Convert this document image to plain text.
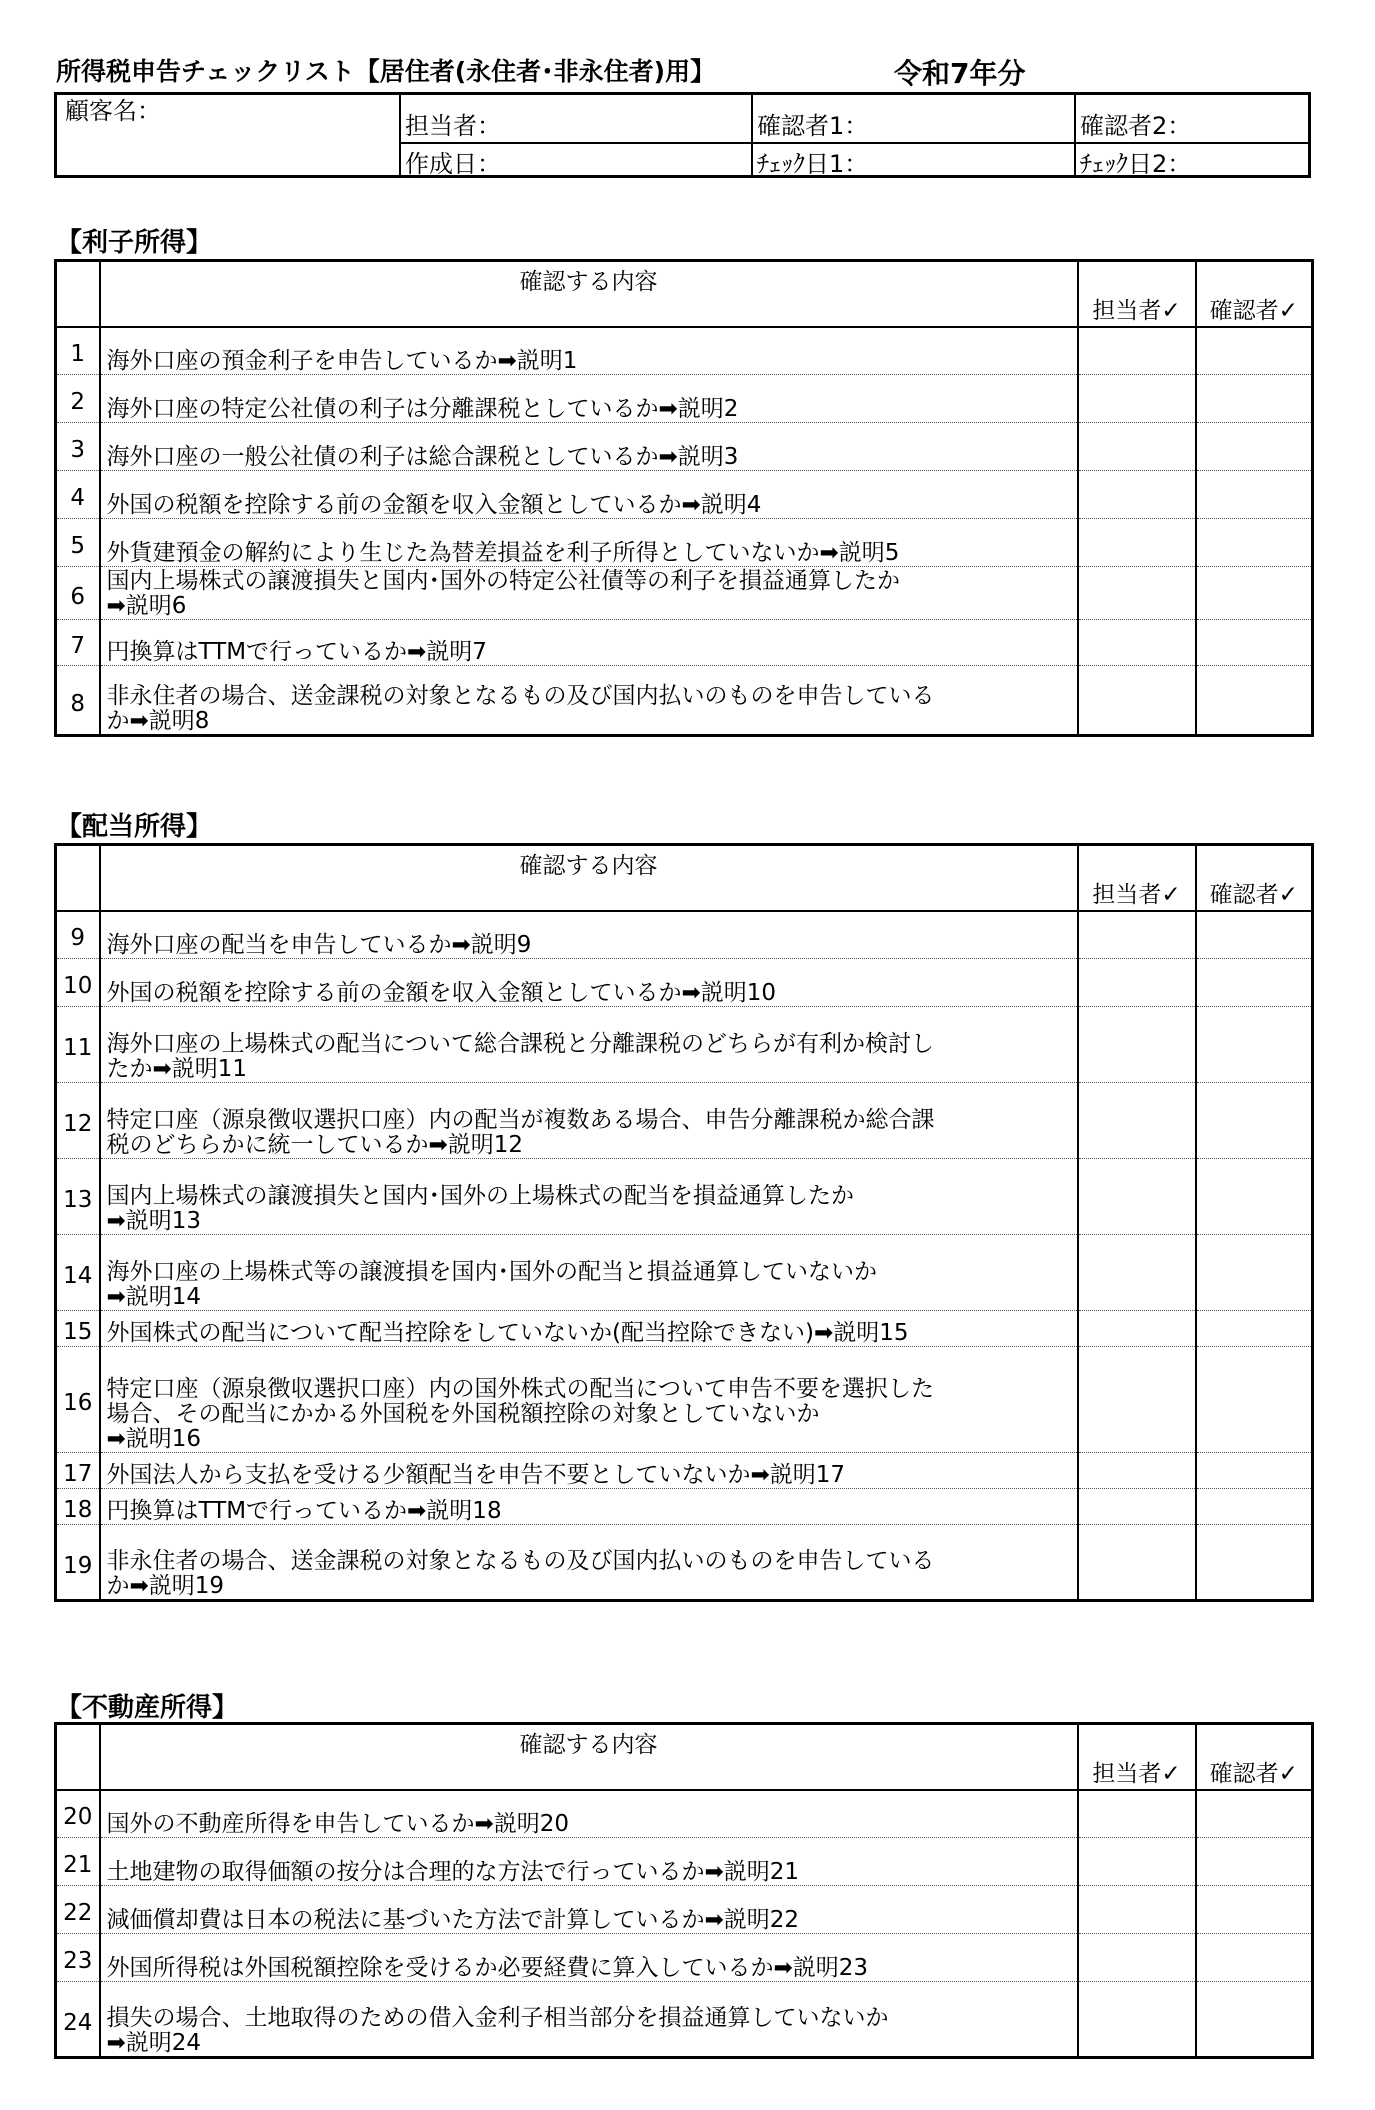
所得税申告チェックリスト【居住者(永住者･非永住者)用】	令和7年分
顧客名：
担当者：
作成日：
確認者1：
ﾁｪｯｸ日1：
確認者2：
ﾁｪｯｸ日2：
【利子所得】
	確認する内容	担当者✓	確認者✓
1	海外口座の預金利子を申告しているか➡説明1		

2	海外口座の特定公社債の利子は分離課税としているか➡説明2		

3	海外口座の一般公社債の利子は総合課税としているか➡説明3		

4	外国の税額を控除する前の金額を収入金額としているか➡説明4		

5	外貨建預金の解約により生じた為替差損益を利子所得としていないか➡説明5		

6	国内上場株式の譲渡損失と国内･国外の特定公社債等の利子を損益通算したか
➡説明6		

7	円換算はTTMで行っているか➡説明7		

8	非永住者の場合、送金課税の対象となるもの及び国内払いのものを申告している
か➡説明8		

【配当所得】
	確認する内容	担当者✓	確認者✓
9	海外口座の配当を申告しているか➡説明9		

10	外国の税額を控除する前の金額を収入金額としているか➡説明10		

11	海外口座の上場株式の配当について総合課税と分離課税のどちらが有利か検討し
たか➡説明11		

12	特定口座（源泉徴収選択口座）内の配当が複数ある場合、申告分離課税か総合課
税のどちらかに統一しているか➡説明12		

13	国内上場株式の譲渡損失と国内･国外の上場株式の配当を損益通算したか
➡説明13		

14	海外口座の上場株式等の譲渡損を国内･国外の配当と損益通算していないか
➡説明14		

15	外国株式の配当について配当控除をしていないか(配当控除できない)➡説明15		

16	特定口座（源泉徴収選択口座）内の国外株式の配当について申告不要を選択した
場合、その配当にかかる外国税を外国税額控除の対象としていないか
➡説明16		

17	外国法人から支払を受ける少額配当を申告不要としていないか➡説明17		

18	円換算はTTMで行っているか➡説明18		

19	非永住者の場合、送金課税の対象となるもの及び国内払いのものを申告している
か➡説明19		

【不動産所得】
	確認する内容	担当者✓	確認者✓
20	国外の不動産所得を申告しているか➡説明20		

21	土地建物の取得価額の按分は合理的な方法で行っているか➡説明21		

22	減価償却費は日本の税法に基づいた方法で計算しているか➡説明22		

23	外国所得税は外国税額控除を受けるか必要経費に算入しているか➡説明23		

24	損失の場合、土地取得のための借入金利子相当部分を損益通算していないか
➡説明24		
